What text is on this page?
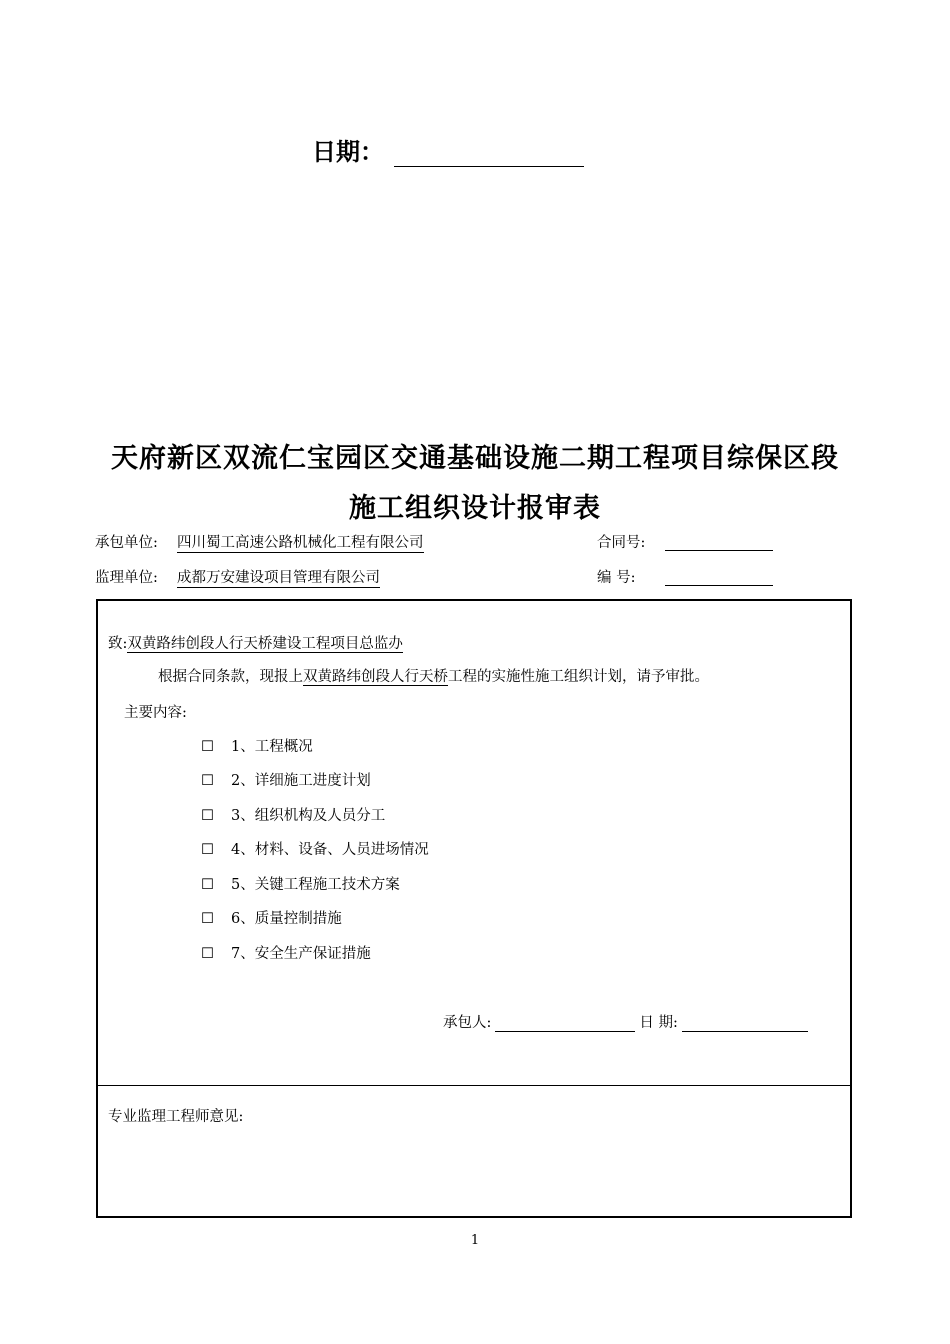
日期：
天府新区双流仁宝园区交通基础设施二期工程项目综保区段
施工组织设计报审表
承包单位: 四川蜀工高速公路机械化工程有限公司	合同号:
监理单位: 成都万安建设项目管理有限公司	编 号:
致:双黄路纬创段人行天桥建设工程项目总监办
根据合同条款，现报上双黄路纬创段人行天桥工程的实施性施工组织计划，请予审批。
主要内容:
☐ 1、工程概况
☐ 2、详细施工进度计划
☐ 3、组织机构及人员分工
☐ 4、材料、设备、人员进场情况
☐ 5、关键工程施工技术方案
☐ 6、质量控制措施
☐ 7、安全生产保证措施
承包人:	日 期:
专业监理工程师意见:
1
